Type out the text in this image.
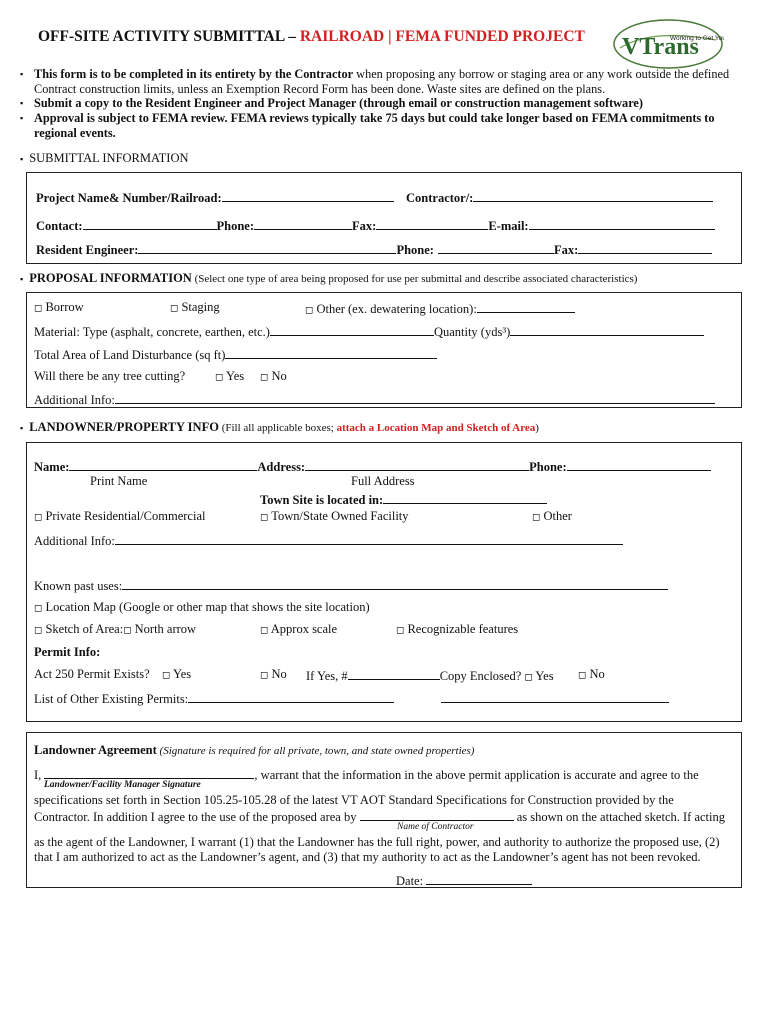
OFF-SITE ACTIVITY SUBMITTAL – RAILROAD | FEMA FUNDED PROJECT VTrans
Working to Get Yo
▪ This form is to be completed in its entirety by the Contractor when proposing any borrow or staging area or any work outside the defined Contract construction limits, unless an Exemption Record Form has been done. Waste sites are defined on the plans.
▪ Submit a copy to the Resident Engineer and Project Manager (through email or construction management software)
▪ Approval is subject to FEMA review. FEMA reviews typically take 75 days but could take longer based on FEMA commitments to regional events.
▪ SUBMITTAL INFORMATION
Project Name& Number/Railroad:	Contractor/:
Contact:	Phone:	Fax:	E-mail:
Resident Engineer:	Phone:	Fax:
▪ PROPOSAL INFORMATION (Select one type of area being proposed for use per submittal and describe associated characteristics)
◻ Borrow	◻ Staging	◻ Other (ex. dewatering location):
Material: Type (asphalt, concrete, earthen, etc.)	Quantity (yds³)
Total Area of Land Disturbance (sq ft)
Will there be any tree cutting?	◻ Yes ◻ No
Additional Info:
▪ LANDOWNER/PROPERTY INFO (Fill all applicable boxes; attach a Location Map and Sketch of Area)
Name:	Address:	Phone:
Print Name	Full Address
Town Site is located in:
◻ Private Residential/Commercial	◻ Town/State Owned Facility	◻ Other
Additional Info:
Known past uses:
◻ Location Map (Google or other map that shows the site location)
◻ Sketch of Area:◻ North arrow	◻ Approx scale	◻ Recognizable features
Permit Info:
Act 250 Permit Exists? ◻ Yes	◻ No If Yes, #	Copy Enclosed? ◻ Yes ◻ No
List of Other Existing Permits:
Landowner Agreement (Signature is required for all private, town, and state owned properties)
I,	, warrant that the information in the above permit application is accurate and agree to the
Landowner/Facility Manager Signature
specifications set forth in Section 105.25-105.28 of the latest VT AOT Standard Specifications for Construction provided by the
Contractor. In addition I agree to the use of the proposed area by	as shown on the attached sketch. If acting
Name of Contractor
as the agent of the Landowner, I warrant (1) that the Landowner has the full right, power, and authority to authorize the proposed use, (2)
that I am authorized to act as the Landowner’s agent, and (3) that my authority to act as the Landowner’s agent has not been revoked.
Date:
